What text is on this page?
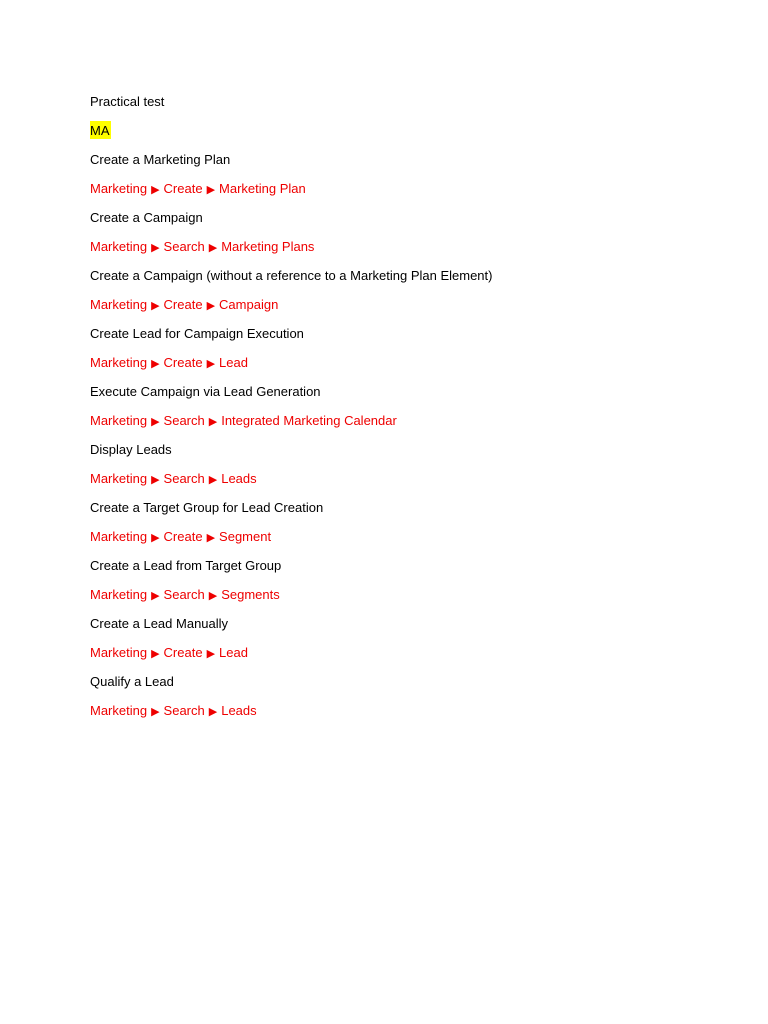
Practical test
MA
Create a Marketing Plan
Marketing ▶ Create ▶ Marketing Plan
Create a Campaign
Marketing ▶ Search ▶ Marketing Plans
Create a Campaign (without a reference to a Marketing Plan Element)
Marketing ▶ Create ▶ Campaign
Create Lead for Campaign Execution
Marketing ▶ Create ▶ Lead
Execute Campaign via Lead Generation
Marketing ▶ Search ▶ Integrated Marketing Calendar
Display Leads
Marketing ▶ Search ▶ Leads
Create a Target Group for Lead Creation
Marketing ▶ Create ▶ Segment
Create a Lead from Target Group
Marketing ▶ Search ▶ Segments
Create a Lead Manually
Marketing ▶ Create ▶ Lead
Qualify a Lead
Marketing ▶ Search ▶ Leads
